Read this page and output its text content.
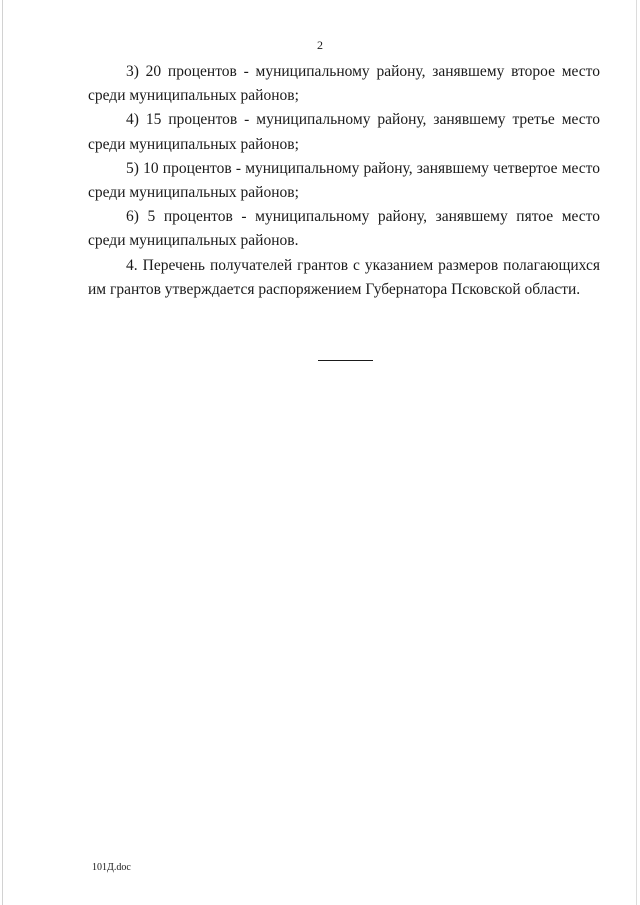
2

3) 20 процентов - муниципальному району, занявшему второе место среди муниципальных районов;

4) 15 процентов - муниципальному району, занявшему третье место среди муниципальных районов;

5) 10 процентов - муниципальному району, занявшему четвертое место среди муниципальных районов;

6) 5 процентов - муниципальному району, занявшему пятое место среди муниципальных районов.

4. Перечень получателей грантов с указанием размеров полагающихся им грантов утверждается распоряжением Губернатора Псковской области.

101Д.doc
